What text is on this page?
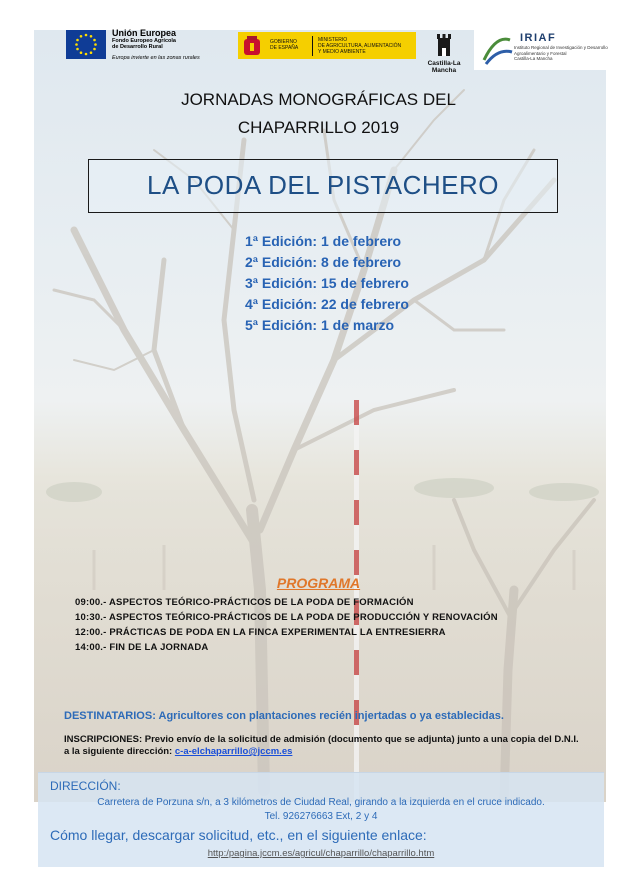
Unión Europea
Fondo Europeo Agrícola
de Desarrollo Rural
Europa invierte en las zonas rurales
GOBIERNO
DE ESPAÑA
MINISTERIO
DE AGRICULTURA, ALIMENTACIÓN
Y MEDIO AMBIENTE
Castilla-La Mancha
IRIAF
Instituto Regional de Investigación y Desarrollo
Agroalimentario y Forestal
Castilla-La Mancha
JORNADAS MONOGRÁFICAS DEL
CHAPARRILLO 2019
LA PODA DEL PISTACHERO
1ª Edición: 1 de febrero
2ª Edición: 8 de febrero
3ª Edición: 15 de febrero
4ª Edición: 22 de febrero
5ª Edición: 1 de marzo
PROGRAMA
09:00.- ASPECTOS TEÓRICO-PRÁCTICOS DE LA PODA DE FORMACIÓN
10:30.- ASPECTOS TEÓRICO-PRÁCTICOS DE LA PODA DE PRODUCCIÓN Y RENOVACIÓN
12:00.- PRÁCTICAS DE PODA EN LA FINCA EXPERIMENTAL LA ENTRESIERRA
14:00.- FIN DE LA JORNADA
DESTINATARIOS: Agricultores con plantaciones recién injertadas o ya establecidas.
INSCRIPCIONES: Previo envío de la solicitud de admisión (documento que se adjunta) junto a una copia del D.N.I. a la siguiente dirección: c-a-elchaparrillo@jccm.es
DIRECCIÓN:
Carretera de Porzuna s/n, a 3 kilómetros de Ciudad Real, girando a la izquierda en el cruce indicado.
Tel. 926276663 Ext, 2 y 4
Cómo llegar, descargar solicitud, etc., en el siguiente enlace:
http:/pagina.jccm.es/agricul/chaparrillo/chaparrillo.htm
